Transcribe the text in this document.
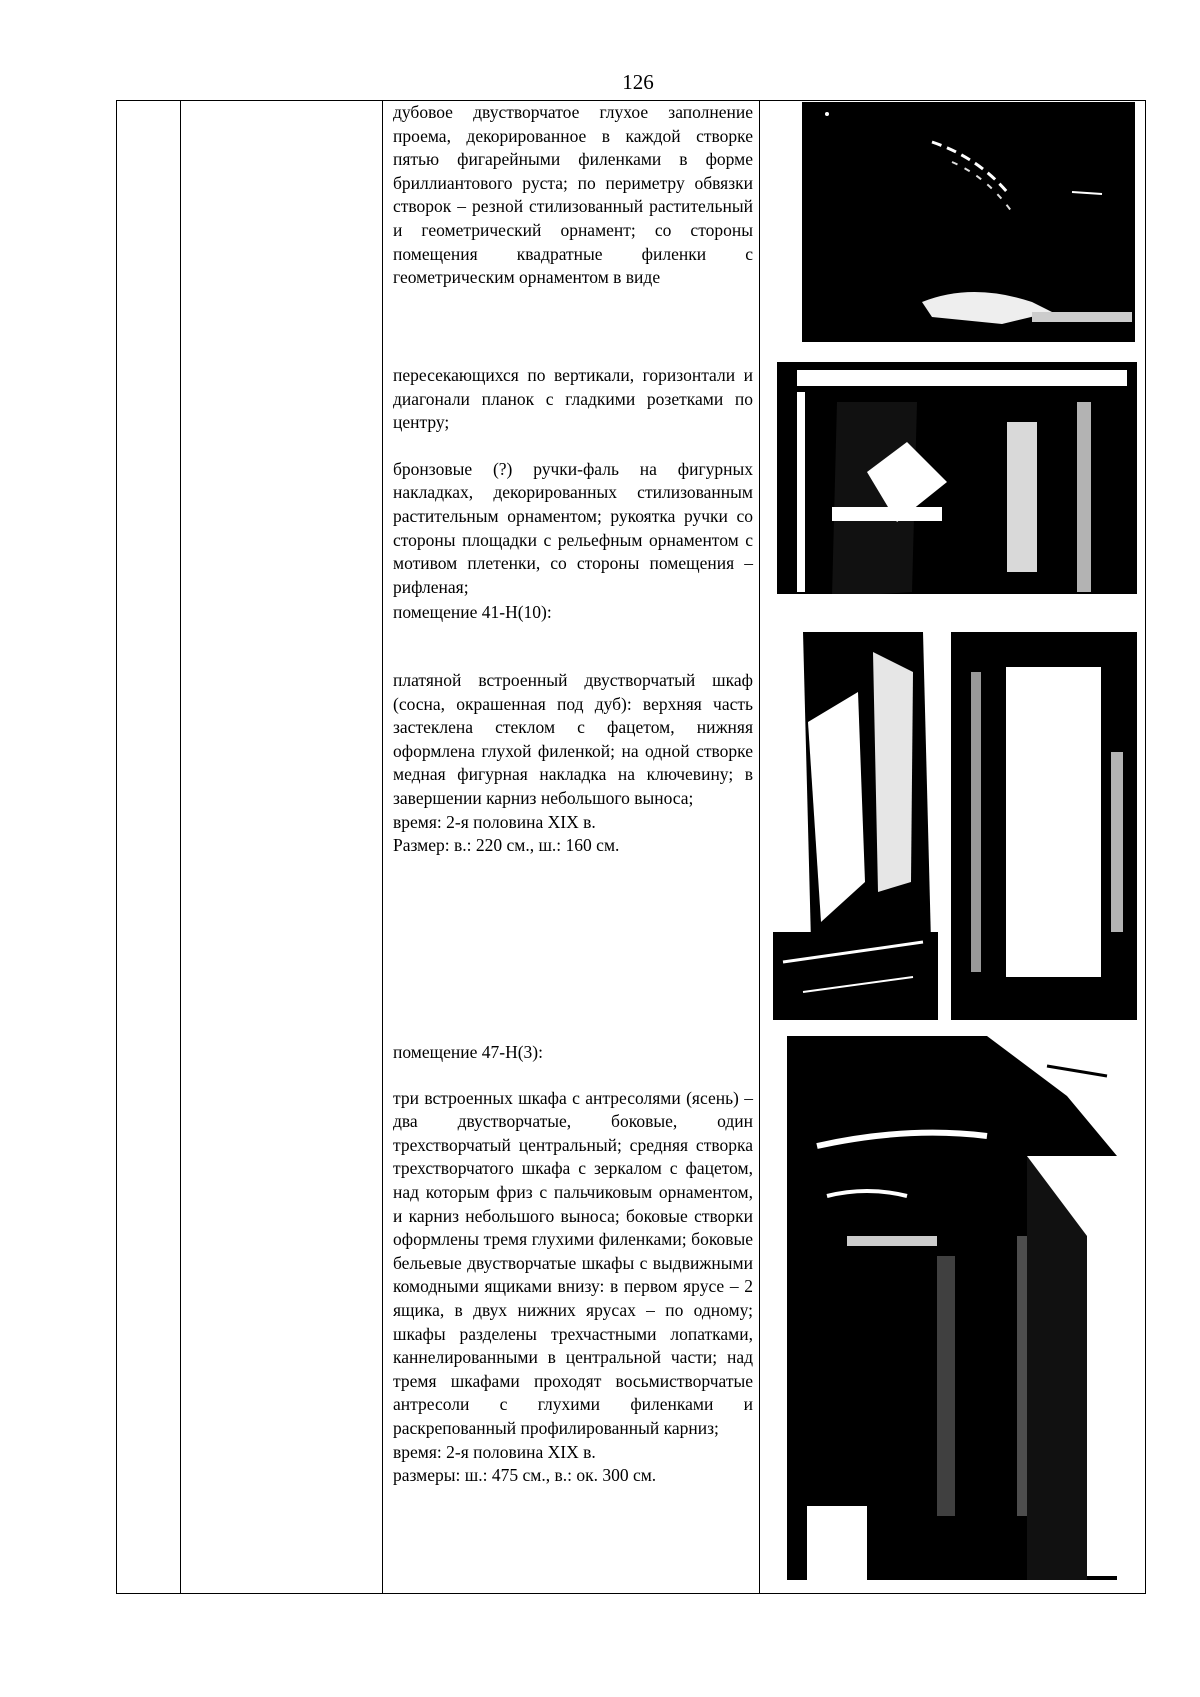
126

дубовое двустворчатое глухое заполнение проема, декорированное в каждой створке пятью фигарейными филенками в форме бриллиантового руста; по периметру обвязки створок – резной стилизованный растительный и геометрический орнамент; со стороны помещения квадратные филенки с геометрическим орнаментом в виде

пересекающихся по вертикали, горизонтали и диагонали планок с гладкими розетками по центру;

бронзовые (?) ручки-фаль на фигурных накладках, декорированных стилизованным растительным орнаментом; рукоятка ручки со стороны площадки с рельефным орнаментом с мотивом плетенки, со стороны помещения – рифленая;

помещение 41-Н(10):

платяной встроенный двустворчатый шкаф (сосна, окрашенная под дуб): верхняя часть застеклена стеклом с фацетом, нижняя оформлена глухой филенкой; на одной створке медная фигурная накладка на ключевину; в завершении карниз небольшого выноса;

время: 2-я половина XIX в.

Размер: в.: 220 см., ш.: 160 см.

помещение 47-Н(3):

три встроенных шкафа с антресолями (ясень) – два двустворчатые, боковые, один трехстворчатый центральный; средняя створка трехстворчатого шкафа с зеркалом с фацетом, над которым фриз с пальчиковым орнаментом, и карниз небольшого выноса; боковые створки оформлены тремя глухими филенками; боковые бельевые двустворчатые шкафы с выдвижными комодными ящиками внизу: в первом ярусе – 2 ящика, в двух нижних ярусах – по одному; шкафы разделены трехчастными лопатками, каннелированными в центральной части; над тремя шкафами проходят восьмистворчатые антресоли с глухими филенками и раскрепованный профилированный карниз;

время: 2-я половина XIX в.

размеры: ш.: 475 см., в.: ок. 300 см.
